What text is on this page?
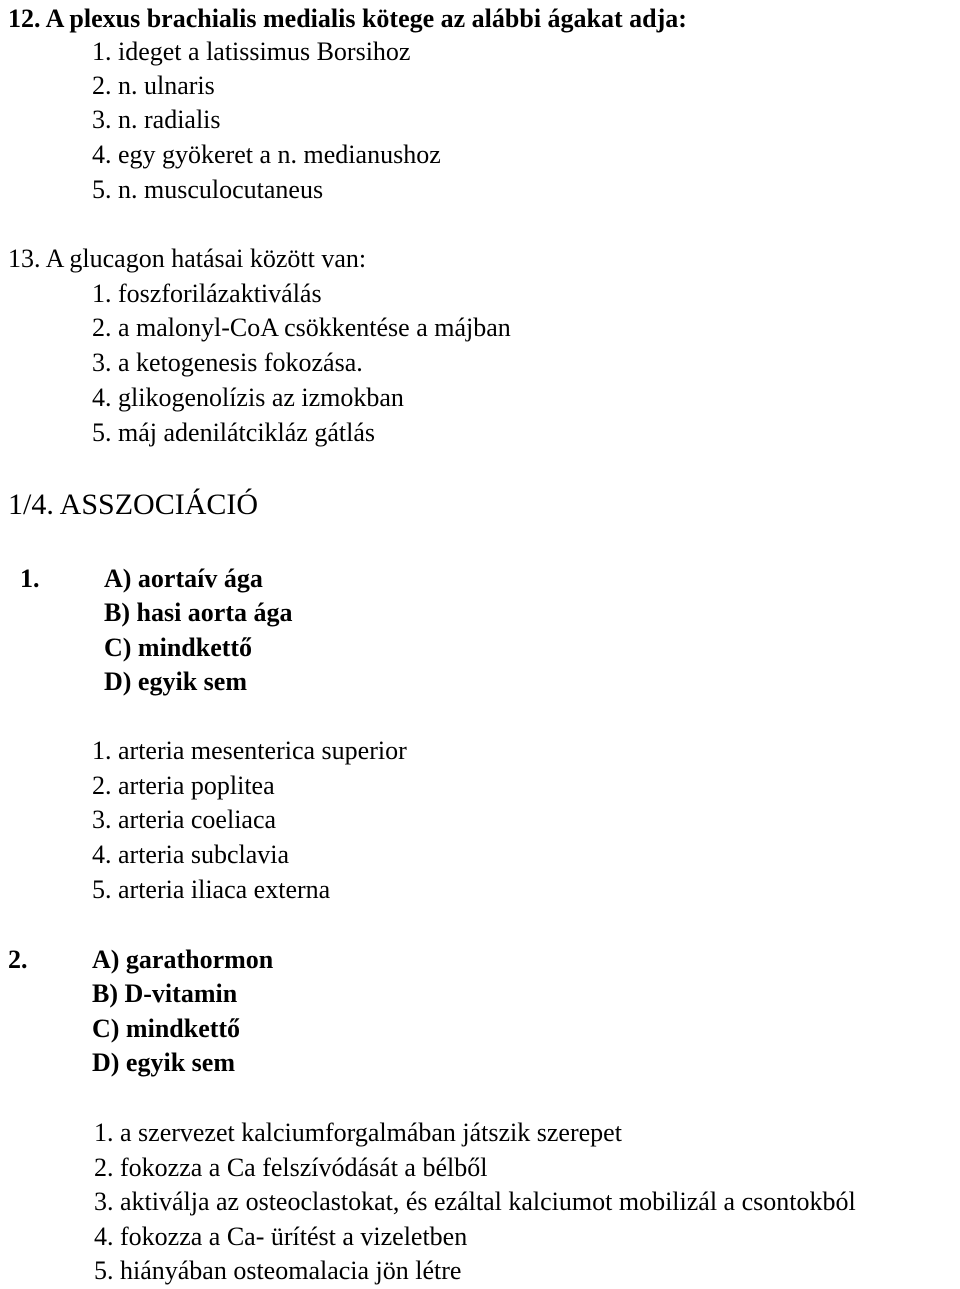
12. A plexus brachialis medialis kötege az alábbi ágakat adja:
1. ideget a latissimus Borsihoz
2. n. ulnaris
3. n. radialis
4. egy gyökeret a n. medianushoz
5. n. musculocutaneus
13. A glucagon hatásai között van:
1. foszforilázaktiválás
2. a malonyl-CoA csökkentése a májban
3. a ketogenesis fokozása.
4. glikogenolízis az izmokban
5. máj adenilátcikláz gátlás
1/4. ASSZOCIÁCIÓ
1. A) aortaív ága
B) hasi aorta ága
C) mindkettő
D) egyik sem
1. arteria mesenterica superior
2. arteria poplitea
3. arteria coeliaca
4. arteria subclavia
5. arteria iliaca externa
2. A) garathormon
B) D-vitamin
C) mindkettő
D) egyik sem
1. a szervezet kalciumforgalmában játszik szerepet
2. fokozza a Ca felszívódását a bélből
3. aktiválja az osteoclastokat, és ezáltal kalciumot mobilizál a csontokból
4. fokozza a Ca- ürítést a vizeletben
5. hiányában osteomalacia jön létre
